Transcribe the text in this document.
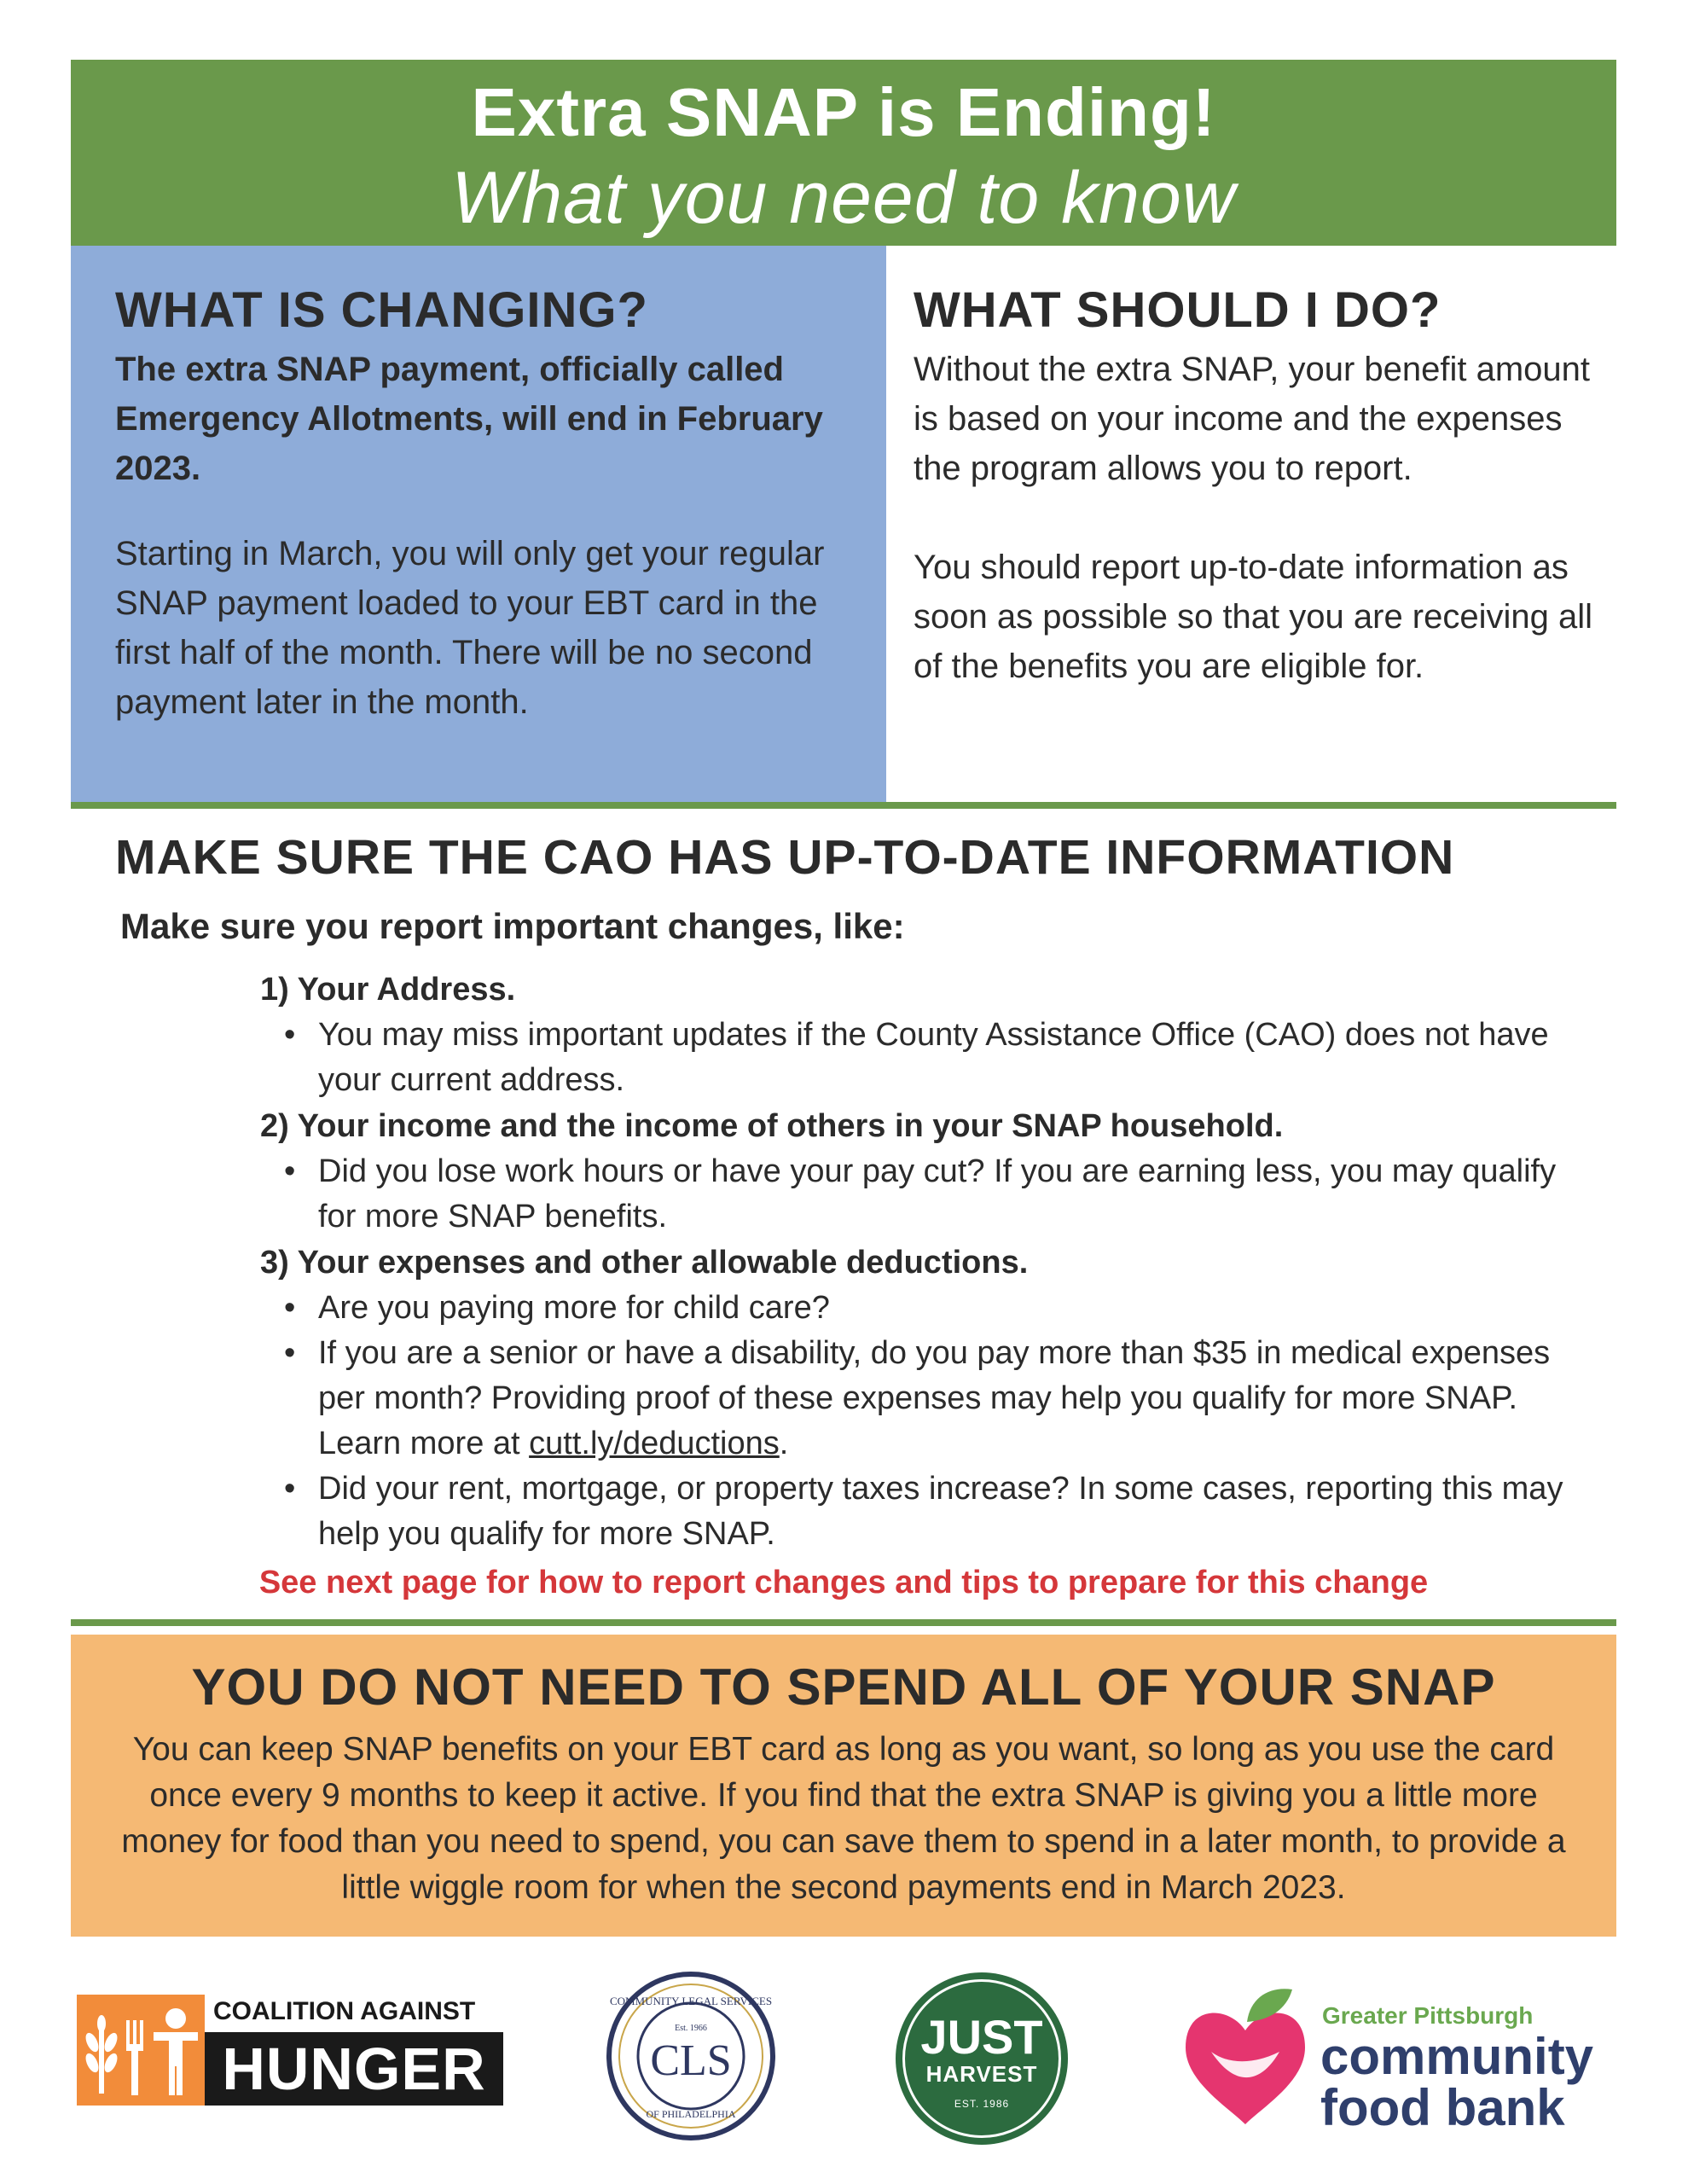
Extra SNAP is Ending!
What you need to know
WHAT IS CHANGING?
The extra SNAP payment, officially called Emergency Allotments, will end in February 2023.
Starting in March, you will only get your regular SNAP payment loaded to your EBT card in the first half of the month. There will be no second payment later in the month.
WHAT SHOULD I DO?
Without the extra SNAP, your benefit amount is based on your income and the expenses the program allows you to report.
You should report up-to-date information as soon as possible so that you are receiving all of the benefits you are eligible for.
MAKE SURE THE CAO HAS UP-TO-DATE INFORMATION
Make sure you report important changes, like:
1) Your Address.
• You may miss important updates if the County Assistance Office (CAO) does not have your current address.
2) Your income and the income of others in your SNAP household.
• Did you lose work hours or have your pay cut? If you are earning less, you may qualify for more SNAP benefits.
3) Your expenses and other allowable deductions.
• Are you paying more for child care?
• If you are a senior or have a disability, do you pay more than $35 in medical expenses per month? Providing proof of these expenses may help you qualify for more SNAP. Learn more at cutt.ly/deductions.
• Did your rent, mortgage, or property taxes increase? In some cases, reporting this may help you qualify for more SNAP.
See next page for how to report changes and tips to prepare for this change
YOU DO NOT NEED TO SPEND ALL OF YOUR SNAP
You can keep SNAP benefits on your EBT card as long as you want, so long as you use the card once every 9 months to keep it active. If you find that the extra SNAP is giving you a little more money for food than you need to spend, you can save them to spend in a later month, to provide a little wiggle room for when the second payments end in March 2023.
COALITION AGAINST
HUNGER
COMMUNITY LEGAL SERVICES
Est. 1966
CLS
OF PHILADELPHIA
JUST
HARVEST
EST. 1986
Greater Pittsburgh
community
food bank
